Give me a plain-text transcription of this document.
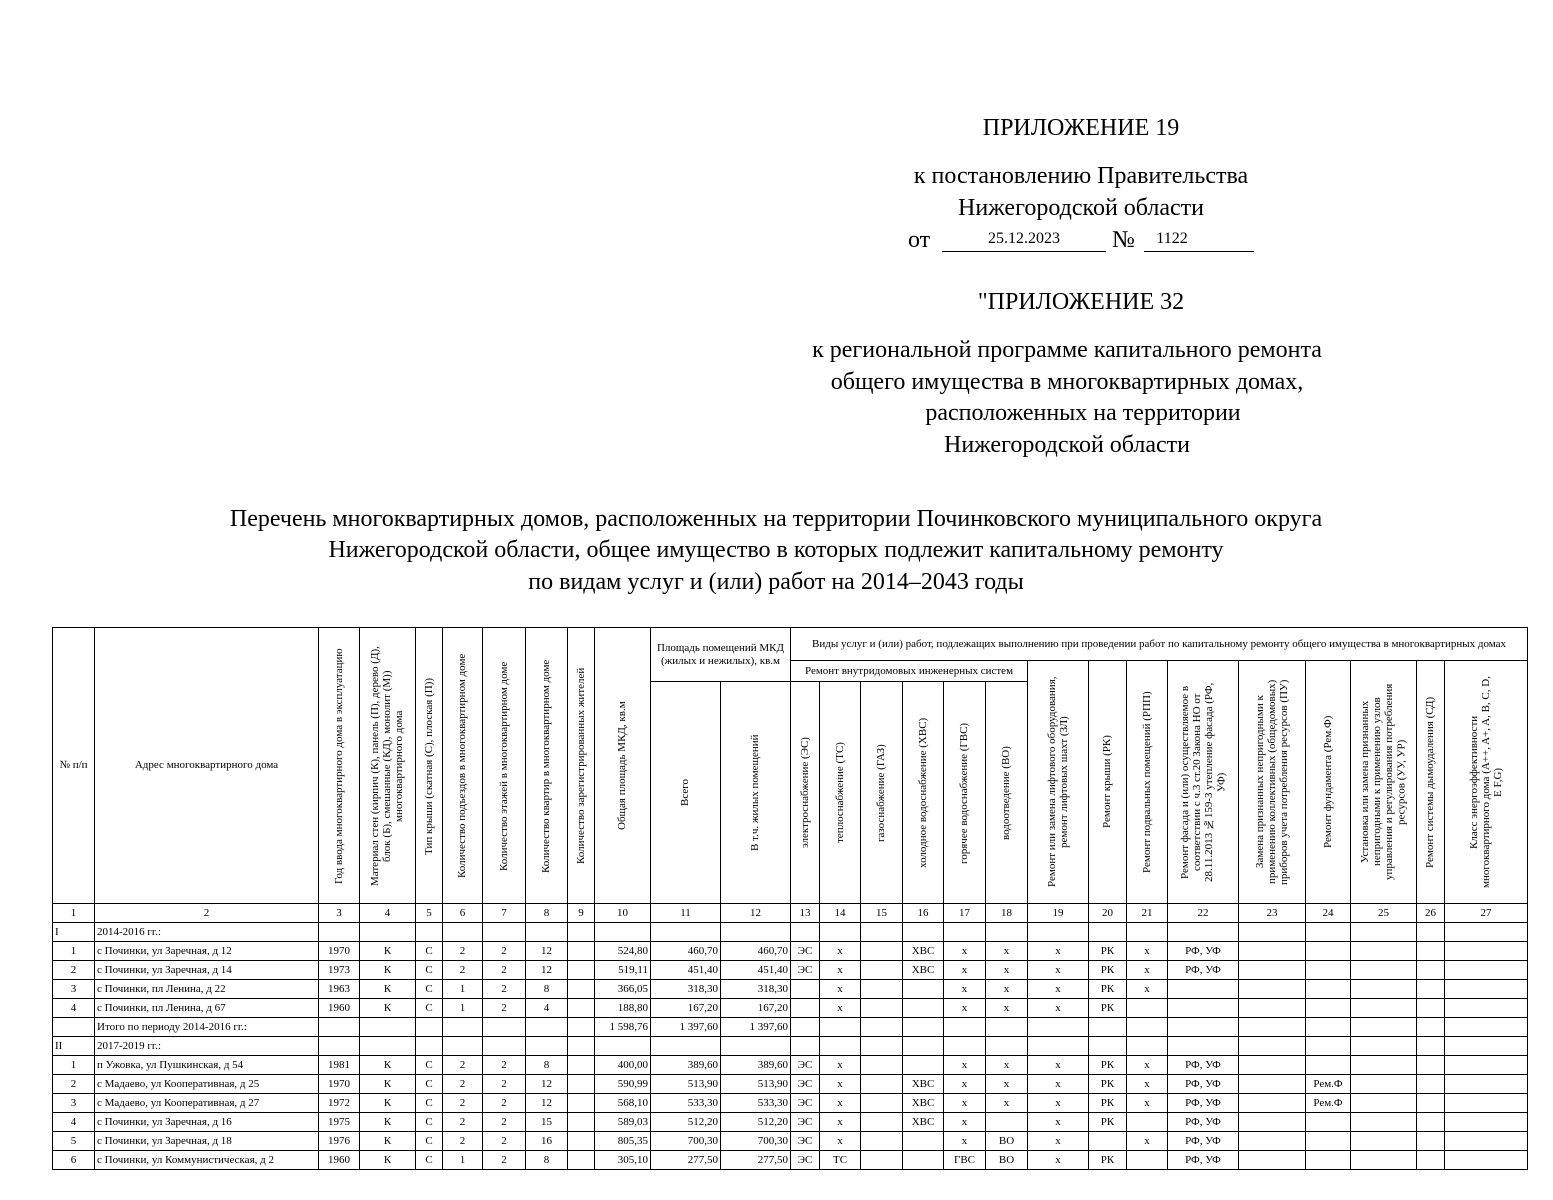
ПРИЛОЖЕНИЕ 19
к постановлению Правительства
Нижегородской области
от	25.12.2023	№	1122
"ПРИЛОЖЕНИЕ 32
к региональной программе капитального ремонта
общего имущества в многоквартирных домах,
расположенных на территории
Нижегородской области
Перечень многоквартирных домов, расположенных на территории Починковского муниципального округа
Нижегородской области, общее имущество в которых подлежит капитальному ремонту
по видам услуг и (или) работ на 2014–2043 годы
№ п/п	Адрес многоквартирного дома	Год ввода многоквартирного дома в эксплуатацию	Материал стен (кирпич (К), панель (П), дерево (Д), блок (Б), смешанные (КД), монолит (М)) многоквартирного дома	Тип крыши (скатная (С), плоская (П))	Количество подъездов в многоквартирном доме	Количество этажей в многоквартирном доме	Количество квартир в многоквартирном доме	Количество зарегистрированных жителей	Общая площадь МКД, кв.м	Площадь помещений МКД (жилых и нежилых), кв.м		Виды услуг и (или) работ, подлежащих выполнению при проведении работ по капитальному ремонту общего имущества в многоквартирных домах														
												Ремонт внутридомовых инженерных систем						Ремонт или замена лифтового оборудования, ремонт лифтовых шахт (ЗЛ)	Ремонт крыши (РК)	Ремонт подвальных помещений (РПП)	Ремонт фасада и (или) осуществляемое в соответствии с ч.3 ст.20 Закона НО от 28.11.2013 №159-З утепление фасада (РФ, УФ)	Замена признанных непригодными к применению коллективных (общедомовых) приборов учета потребления ресурсов (ПУ)	Ремонт фундамента (Рем.Ф)	Установка или замена признанных непригодными к применению узлов управления и регулирования потребления ресурсов (УУ, УР)	Ремонт системы дымоудаления (СД)	Класс энергоэффективности многоквартирного дома (A++, A+, A, B, C, D, E F,G)

										Всего	В т.ч. жилых помещений	электроснабжение (ЭС)	теплоснабжение (ТС)	газоснабжение (ГАЗ)	холодное водоснабжение (ХВС)	горячее водоснабжение (ГВС)	водоотведение (ВО)									

1	2	3	4	5	6	7	8	9	10	11	12	13	14	15	16	17	18	19	20	21	22	23	24	25	26	27
I	2014-2016 гг.:																									
1	с Починки, ул Заречная, д 12	1970	К	С	2	2	12		524,80	460,70	460,70	ЭС	х		ХВС	х	х	х	РК	х	РФ, УФ					
2	с Починки, ул Заречная, д 14	1973	К	С	2	2	12		519,11	451,40	451,40	ЭС	х		ХВС	х	х	х	РК	х	РФ, УФ					
3	с Починки, пл Ленина, д 22	1963	К	С	1	2	8		366,05	318,30	318,30		х			х	х	х	РК	х						
4	с Починки, пл Ленина, д 67	1960	К	С	1	2	4		188,80	167,20	167,20		х			х	х	х	РК							
	Итого по периоду 2014-2016 гг.:								1 598,76	1 397,60	1 397,60															
II	2017-2019 гг.:																									
1	п Ужовка, ул Пушкинская, д 54	1981	К	С	2	2	8		400,00	389,60	389,60	ЭС	х			х	х	х	РК	х	РФ, УФ					
2	с Мадаево, ул Кооперативная, д 25	1970	К	С	2	2	12		590,99	513,90	513,90	ЭС	х		ХВС	х	х	х	РК	х	РФ, УФ		Рем.Ф			
3	с Мадаево, ул Кооперативная, д 27	1972	К	С	2	2	12		568,10	533,30	533,30	ЭС	х		ХВС	х	х	х	РК	х	РФ, УФ		Рем.Ф			
4	с Починки, ул Заречная, д 16	1975	К	С	2	2	15		589,03	512,20	512,20	ЭС	х		ХВС	х		х	РК		РФ, УФ					
5	с Починки, ул Заречная, д 18	1976	К	С	2	2	16		805,35	700,30	700,30	ЭС	х			х	ВО	х		х	РФ, УФ					
6	с Починки, ул Коммунистическая, д 2	1960	К	С	1	2	8		305,10	277,50	277,50	ЭС	ТС			ГВС	ВО	х	РК		РФ, УФ					
